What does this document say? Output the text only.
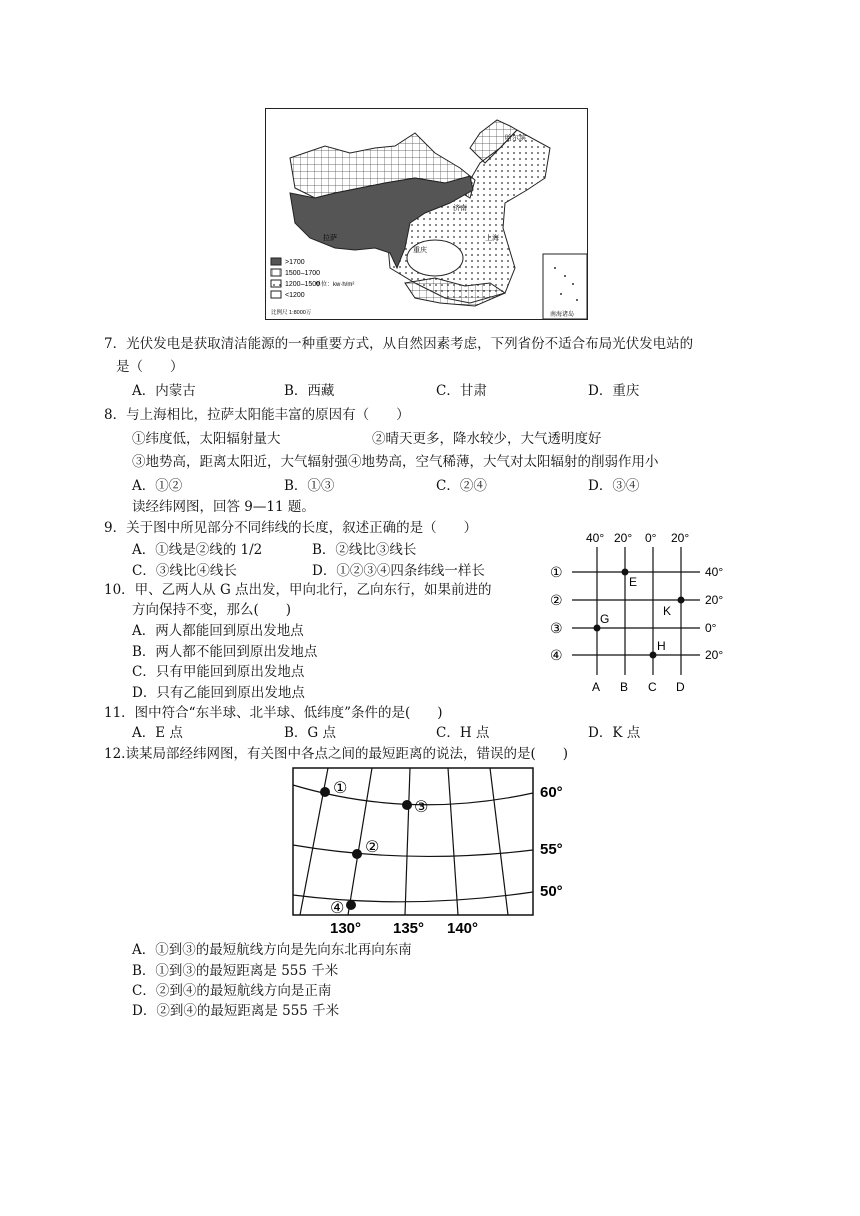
南海诸岛
哈尔滨
济南
拉萨
重庆
上海
>1700
1500–1700
1200–1500
<1200
单位：kw·h/m²
比例尺 1:8000万
7．光伏发电是获取清洁能源的一种重要方式，从自然因素考虑，下列省份不适合布局光伏发电站的
是（　　）
A．内蒙古	B．西藏	C．甘肃	D．重庆
8．与上海相比，拉萨太阳能丰富的原因有（　　）
①纬度低，太阳辐射量大	②晴天更多，降水较少，大气透明度好
③地势高，距离太阳近，大气辐射强④地势高，空气稀薄，大气对太阳辐射的削弱作用小
A．①②	B．①③	C．②④	D．③④
读经纬网图，回答 9—11 题。
9．关于图中所见部分不同纬线的长度，叙述正确的是（　　）
A．①线是②线的 1/2	B．②线比③线长
C．③线比④线长	D．①②③④四条纬线一样长
10．甲、乙两人从 G 点出发，甲向北行，乙向东行，如果前进的
方向保持不变，那么(　　)
A．两人都能回到原出发地点
B．两人都不能回到原出发地点
C．只有甲能回到原出发地点
D．只有乙能回到原出发地点
40° 20° 0° 20°
40°
20°
0°
20°
①
②
③
④
A B C D
E
G
K
H
11．图中符合“东半球、北半球、低纬度”条件的是(　　)
A．E 点	B．G 点	C．H 点	D．K 点
12.读某局部经纬网图，有关图中各点之间的最短距离的说法，错误的是(　　)
①
③
②
④
60°
55°
50°
130° 135° 140°
A．①到③的最短航线方向是先向东北再向东南
B．①到③的最短距离是 555 千米
C．②到④的最短航线方向是正南
D．②到④的最短距离是 555 千米
